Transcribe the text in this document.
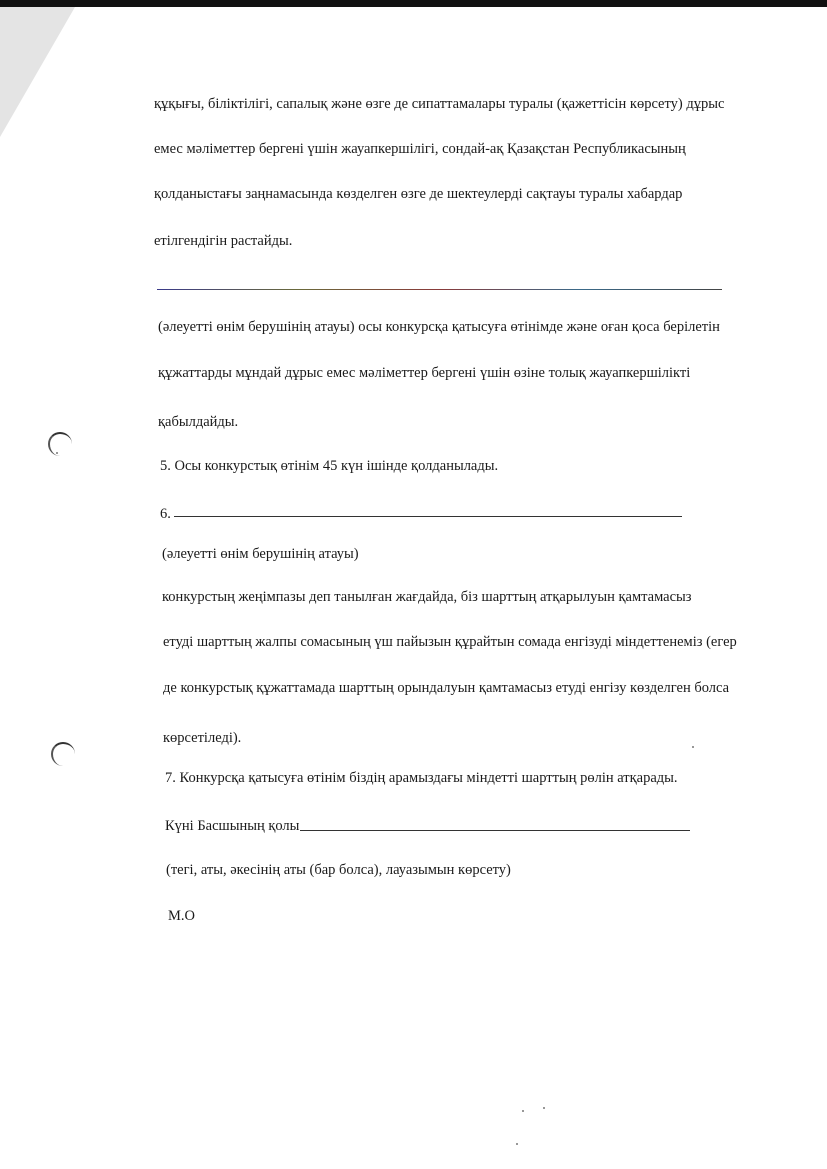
құқығы, біліктілігі, сапалық және өзге де сипаттамалары туралы (қажеттісін көрсету) дұрыс
емес мәліметтер бергені үшін жауапкершілігі, сондай-ақ Қазақстан Республикасының
қолданыстағы заңнамасында көзделген өзге де шектеулерді сақтауы туралы хабардар
етілгендігін растайды.
(әлеуетті өнім берушінің атауы) осы конкурсқа қатысуға өтінімде және оған қоса берілетін
құжаттарды мұндай дұрыс емес мәліметтер бергені үшін өзіне толық жауапкершілікті
қабылдайды.
5. Осы конкурстық өтінім 45 күн ішінде қолданылады.
6.
(әлеуетті өнім берушінің атауы)
конкурстың жеңімпазы деп танылған жағдайда, біз шарттың атқарылуын қамтамасыз
етуді шарттың жалпы сомасының үш пайызын құрайтын сомада енгізуді міндеттенеміз (егер
де конкурстық құжаттамада шарттың орындалуын қамтамасыз етуді енгізу көзделген болса
көрсетіледі).
7. Конкурсқа қатысуға өтінім біздің арамыздағы міндетті шарттың рөлін атқарады.
Күні Басшының қолы
(тегі, аты, әкесінің аты (бар болса), лауазымын көрсету)
М.О
